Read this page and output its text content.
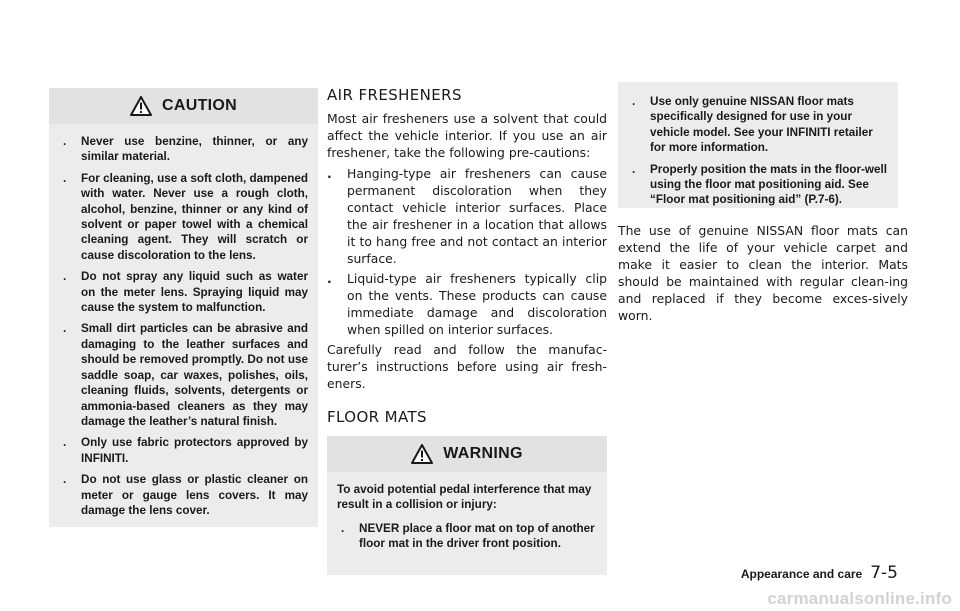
CAUTION
. Never use benzine, thinner, or any similar material.
. For cleaning, use a soft cloth, dampened with water. Never use a rough cloth, alcohol, benzine, thinner or any kind of solvent or paper towel with a chemical cleaning agent. They will scratch or cause discoloration to the lens.
. Do not spray any liquid such as water on the meter lens. Spraying liquid may cause the system to malfunction.
. Small dirt particles can be abrasive and damaging to the leather surfaces and should be removed promptly. Do not use saddle soap, car waxes, polishes, oils, cleaning fluids, solvents, detergents or ammonia-based cleaners as they may damage the leather’s natural finish.
. Only use fabric protectors approved by INFINITI.
. Do not use glass or plastic cleaner on meter or gauge lens covers. It may damage the lens cover.
AIR FRESHENERS

Most air fresheners use a solvent that could affect the vehicle interior. If you use an air freshener, take the following pre-cautions:

. Hanging-type air fresheners can cause permanent discoloration when they contact vehicle interior surfaces. Place the air freshener in a location that allows it to hang free and not contact an interior surface.
. Liquid-type air fresheners typically clip on the vents. These products can cause immediate damage and discoloration when spilled on interior surfaces.

Carefully read and follow the manufac-turer’s instructions before using air fresh-eners.

FLOOR MATS
WARNING

To avoid potential pedal interference that may result in a collision or injury:

. NEVER place a floor mat on top of another floor mat in the driver front position.
. Use only genuine NISSAN floor mats specifically designed for use in your vehicle model. See your INFINITI retailer for more information.
. Properly position the mats in the floor-well using the floor mat positioning aid. See “Floor mat positioning aid” (P.7-6).

The use of genuine NISSAN floor mats can extend the life of your vehicle carpet and make it easier to clean the interior. Mats should be maintained with regular clean-ing and replaced if they become exces-sively worn.

Appearance and care 7-5
carmanualsonline.info
